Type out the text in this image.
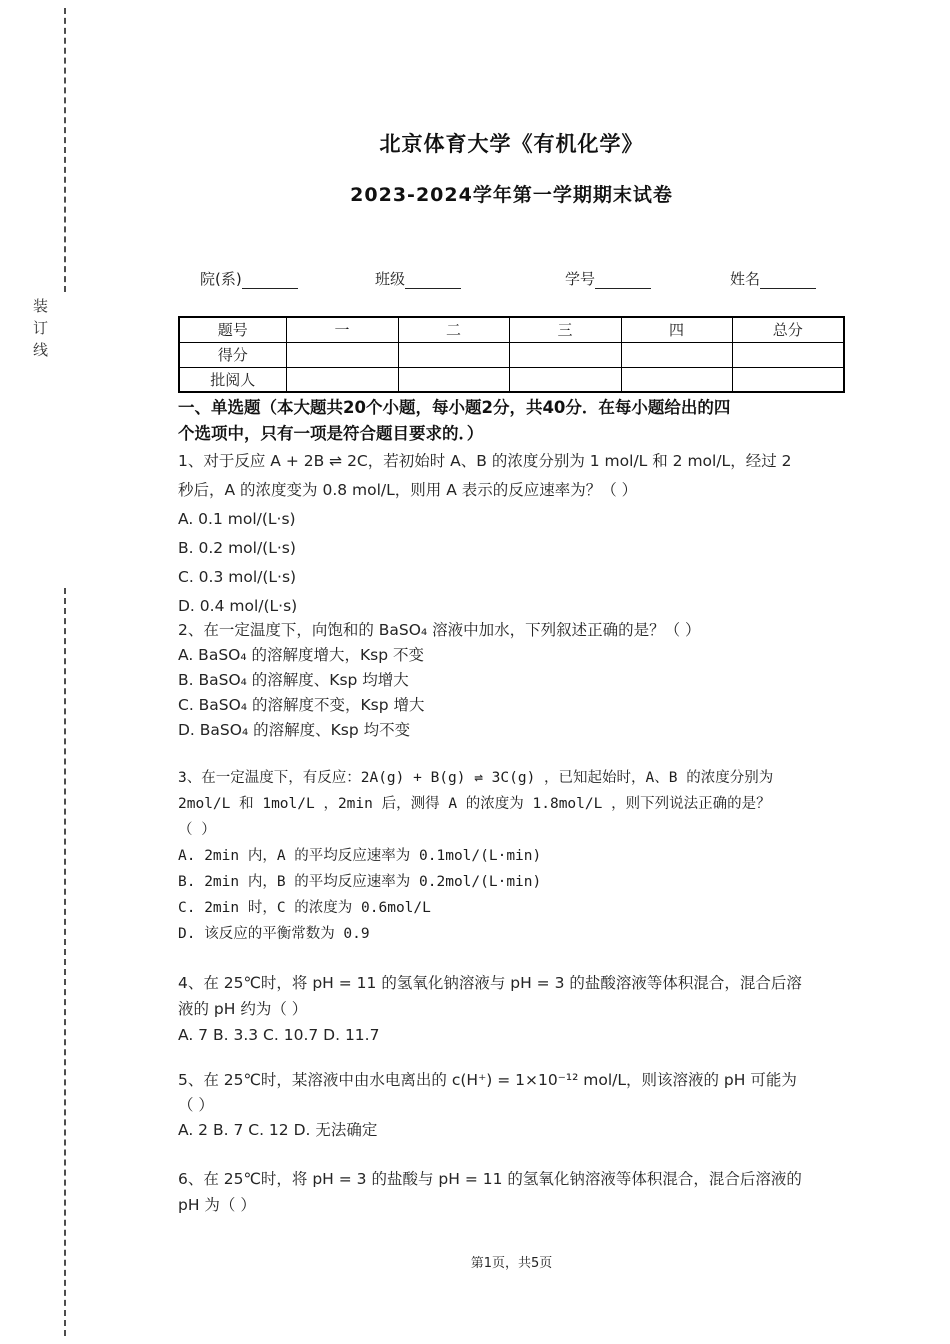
装订线
北京体育大学《有机化学》
2023-2024学年第一学期期末试卷
院(系)	班级	学号	姓名
题号	一	二	三	四	总分
得分					
批阅人					
一、单选题（本大题共20个小题，每小题2分，共40分．在每小题给出的四
个选项中，只有一项是符合题目要求的．）
1、对于反应 A + 2B ⇌ 2C，若初始时 A、B 的浓度分别为 1 mol/L 和 2 mol/L，经过 2
秒后，A 的浓度变为 0.8 mol/L，则用 A 表示的反应速率为？（ ）
A. 0.1 mol/(L·s)
B. 0.2 mol/(L·s)
C. 0.3 mol/(L·s)
D. 0.4 mol/(L·s)
2、在一定温度下，向饱和的 BaSO₄ 溶液中加水，下列叙述正确的是？（ ）
A. BaSO₄ 的溶解度增大，Ksp 不变
B. BaSO₄ 的溶解度、Ksp 均增大
C. BaSO₄ 的溶解度不变，Ksp 增大
D. BaSO₄ 的溶解度、Ksp 均不变
3、在一定温度下，有反应：2A(g) + B(g) ⇌ 3C(g) ，已知起始时，A、B 的浓度分别为
2mol/L 和 1mol/L ，2min 后，测得 A 的浓度为 1.8mol/L ，则下列说法正确的是？
（ ）
A. 2min 内，A 的平均反应速率为 0.1mol/(L·min)
B. 2min 内，B 的平均反应速率为 0.2mol/(L·min)
C. 2min 时，C 的浓度为 0.6mol/L
D. 该反应的平衡常数为 0.9
4、在 25℃时，将 pH = 11 的氢氧化钠溶液与 pH = 3 的盐酸溶液等体积混合，混合后溶
液的 pH 约为（ ）
A. 7 B. 3.3 C. 10.7 D. 11.7
5、在 25℃时，某溶液中由水电离出的 c(H⁺) = 1×10⁻¹² mol/L，则该溶液的 pH 可能为
（ ）
A. 2 B. 7 C. 12 D. 无法确定
6、在 25℃时，将 pH = 3 的盐酸与 pH = 11 的氢氧化钠溶液等体积混合，混合后溶液的
pH 为（ ）
第1页，共5页
